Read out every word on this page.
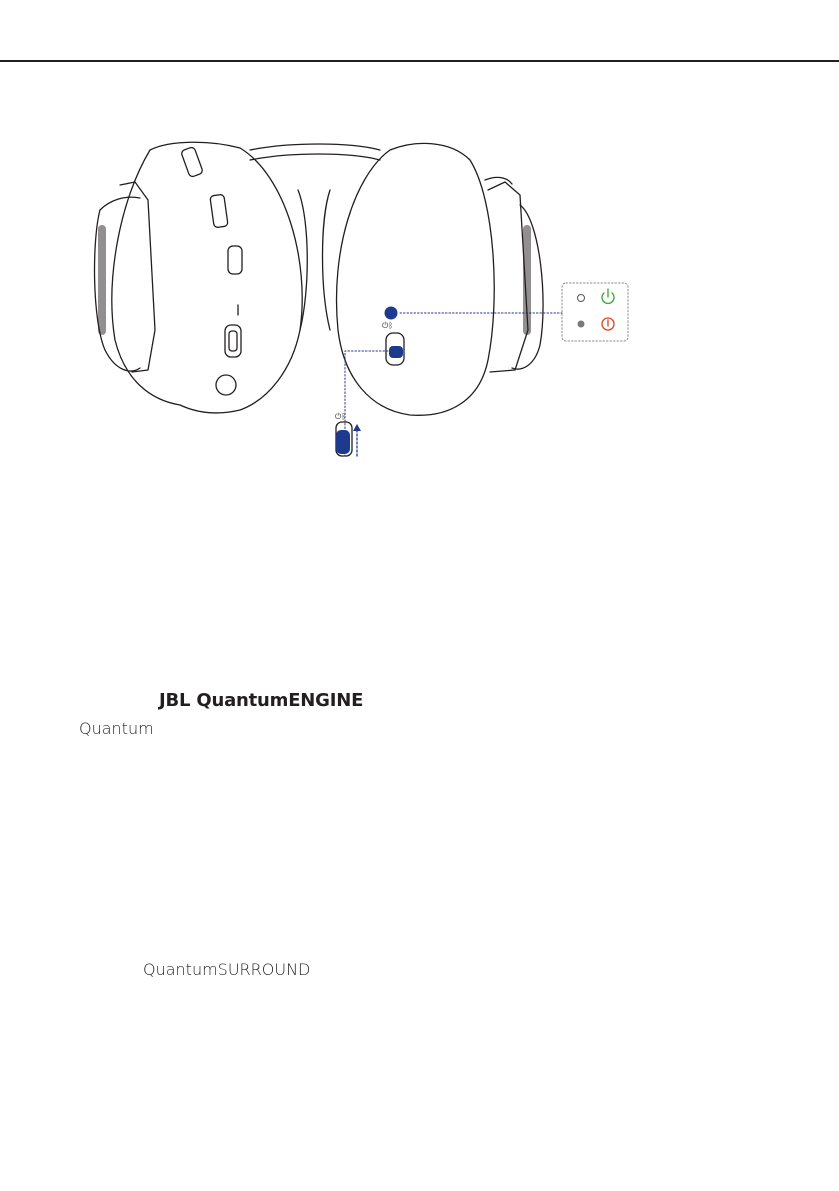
⏻ᛒ
⏻ᛒ
JBL QuantumENGINE
Quantum
QuantumSURROUND
